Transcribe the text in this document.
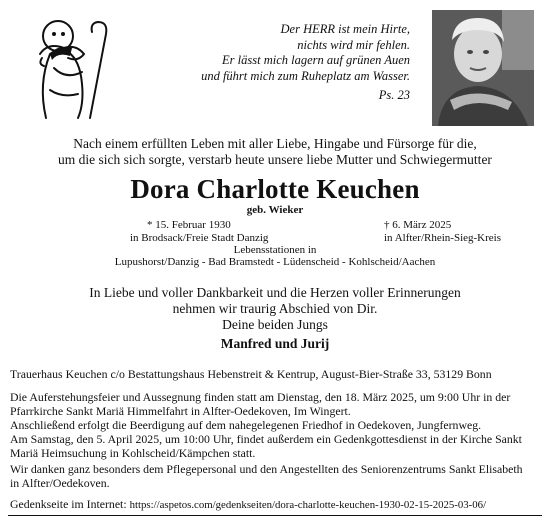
Der HERR ist mein Hirte,
nichts wird mir fehlen.
Er lässt mich lagern auf grünen Auen
und führt mich zum Ruheplatz am Wasser.
Ps. 23
Nach einem erfüllten Leben mit aller Liebe, Hingabe und Fürsorge für die,
um die sich sich sorgte, verstarb heute unsere liebe Mutter und Schwiegermutter
Dora Charlotte Keuchen
geb. Wieker
* 15. Februar 1930	† 6. März 2025
in Brodsack/Freie Stadt Danzig	in Alfter/Rhein-Sieg-Kreis
Lebensstationen in
Lupushorst/Danzig - Bad Bramstedt - Lüdenscheid - Kohlscheid/Aachen
In Liebe und voller Dankbarkeit und die Herzen voller Erinnerungen
nehmen wir traurig Abschied von Dir.
Deine beiden Jungs
Manfred und Jurij
Trauerhaus Keuchen c/o Bestattungshaus Hebenstreit & Kentrup, August-Bier-Straße 33, 53129 Bonn
Die Auferstehungsfeier und Aussegnung finden statt am Dienstag, den 18. März 2025, um 9:00 Uhr in der
Pfarrkirche Sankt Mariä Himmelfahrt in Alfter-Oedekoven, Im Wingert.
Anschließend erfolgt die Beerdigung auf dem nahegelegenen Friedhof in Oedekoven, Jungfernweg.
Am Samstag, den 5. April 2025, um 10:00 Uhr, findet außerdem ein Gedenkgottesdienst in der Kirche Sankt
Mariä Heimsuchung in Kohlscheid/Kämpchen statt.
Wir danken ganz besonders dem Pflegepersonal und den Angestellten des Seniorenzentrums Sankt Elisabeth
in Alfter/Oedekoven.
Gedenkseite im Internet: https://aspetos.com/gedenkseiten/dora-charlotte-keuchen-1930-02-15-2025-03-06/
